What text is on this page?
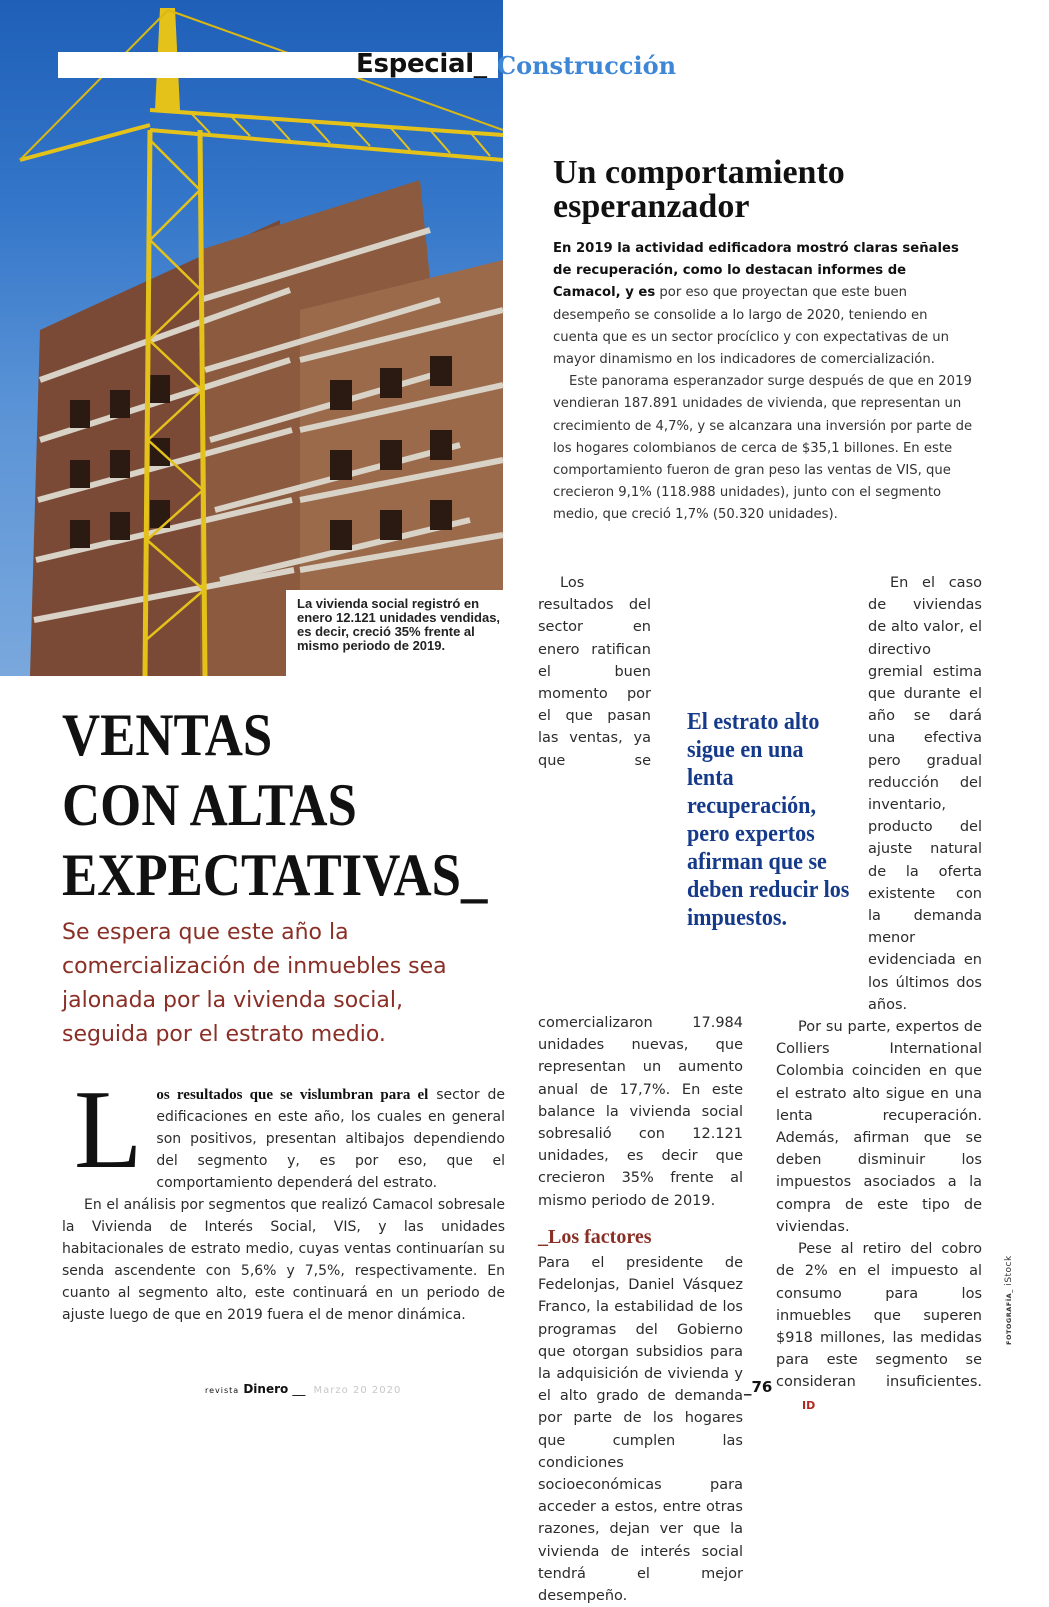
Especial_ Construcción
La vivienda social registró en enero 12.121 unidades vendidas, es decir, creció 35% frente al mismo periodo de 2019.
Un comportamiento esperanzador

En 2019 la actividad edificadora mostró claras señales de recuperación, como lo destacan informes de Camacol, y es por eso que proyectan que este buen desempeño se consolide a lo largo de 2020, teniendo en cuenta que es un sector procíclico y con expectativas de un mayor dinamismo en los indicadores de comercialización.

Este panorama esperanzador surge después de que en 2019 vendieran 187.891 unidades de vivienda, que representan un crecimiento de 4,7%, y se alcanzara una inversión por parte de los hogares colombianos de cerca de $35,1 billones. En este comportamiento fueron de gran peso las ventas de VIS, que crecieron 9,1% (118.988 unidades), junto con el segmento medio, que creció 1,7% (50.320 unidades).

VENTAS
CON ALTAS
EXPECTATIVAS_
Se espera que este año la comercialización de inmuebles sea jalonada por la vivienda social, seguida por el estrato medio.

Los resultados que se vislumbran para el sector de edificaciones en este año, los cuales en general son positivos, presentan altibajos dependiendo del segmento y, es por eso, que el comportamiento dependerá del estrato.

En el análisis por segmentos que realizó Camacol sobresale la Vivienda de Interés Social, VIS, y las unidades habitacionales de estrato medio, cuyas ventas continuarían su senda ascendente con 5,6% y 7,5%, respectivamente. En cuanto al segmento alto, este continuará en un periodo de ajuste luego de que en 2019 fuera el de menor dinámica.

Los resultados del sector en enero ratifican el buen momento por el que pasan las ventas, ya que se comercializaron 17.984 unidades nuevas, que representan un aumento anual de 17,7%. En este balance la vivienda social sobresalió con 12.121 unidades, es decir que crecieron 35% frente al mismo periodo de 2019.

_Los factores

Para el presidente de Fedelonjas, Daniel Vásquez Franco, la estabilidad de los programas del Gobierno que otorgan subsidios para la adquisición de vivienda y el alto grado de demanda por parte de los hogares que cumplen las condiciones socioeconómicas para acceder a estos, entre otras razones, dejan ver que la vivienda de interés social tendrá el mejor desempeño.

El estrato alto sigue en una lenta recuperación, pero expertos afirman que se deben reducir los impuestos.

En el caso de viviendas de alto valor, el directivo gremial estima que durante el año se dará una efectiva pero gradual reducción del inventario, producto del ajuste natural de la oferta existente con la demanda menor evidenciada en los últimos dos años.

Por su parte, expertos de Colliers International Colombia coinciden en que el estrato alto sigue en una lenta recuperación. Además, afirman que se deben disminuir los impuestos asociados a la compra de este tipo de viviendas.

Pese al retiro del cobro de 2% en el impuesto al consumo para los inmuebles que superen $918 millones, las medidas para este segmento se consideran insuficientes.ID

revista Dinero __ Marzo 20 2020	_76
FOTOGRAFÍA_ iStock
